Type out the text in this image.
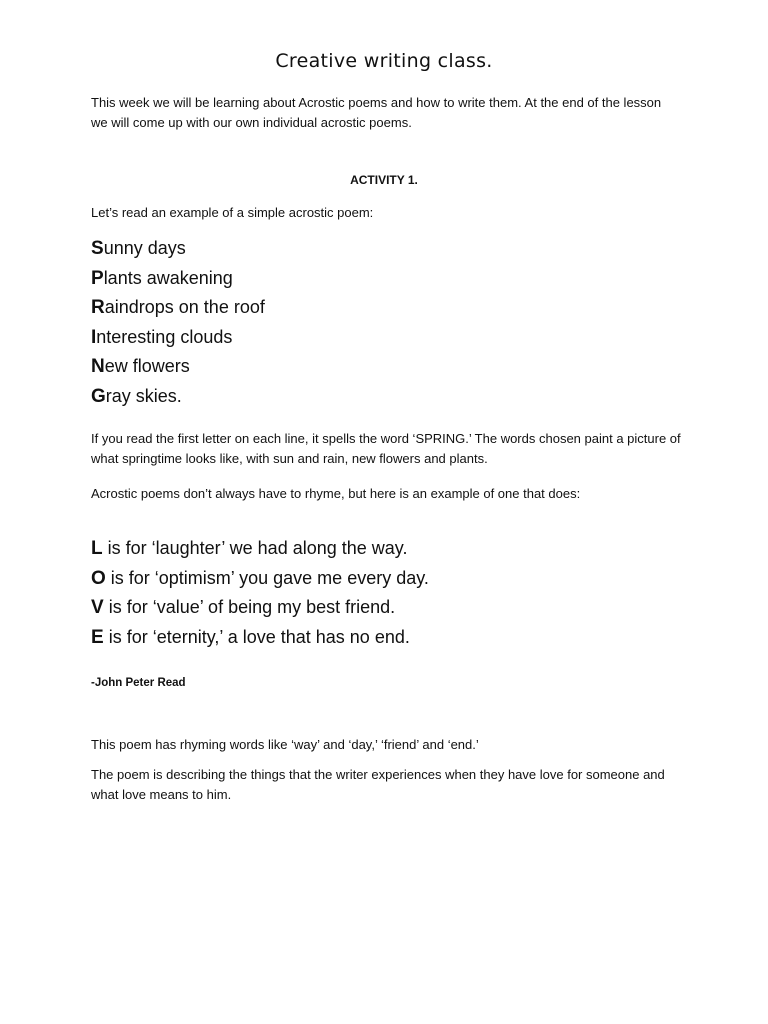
Creative writing class.

This week we will be learning about Acrostic poems and how to write them. At the end of the lesson we will come up with our own individual acrostic poems.

ACTIVITY 1.

Let’s read an example of a simple acrostic poem:

Sunny days
Plants awakening
Raindrops on the roof
Interesting clouds
New flowers
Gray skies.

If you read the first letter on each line, it spells the word ‘SPRING.’ The words chosen paint a picture of what springtime looks like, with sun and rain, new flowers and plants.

Acrostic poems don’t always have to rhyme, but here is an example of one that does:

L is for ‘laughter’ we had along the way.
O is for ‘optimism’ you gave me every day.
V is for ‘value’ of being my best friend.
E is for ‘eternity,’ a love that has no end.
-John Peter Read

This poem has rhyming words like ‘way’ and ‘day,’ ‘friend’ and ‘end.’

The poem is describing the things that the writer experiences when they have love for someone and what love means to him.
